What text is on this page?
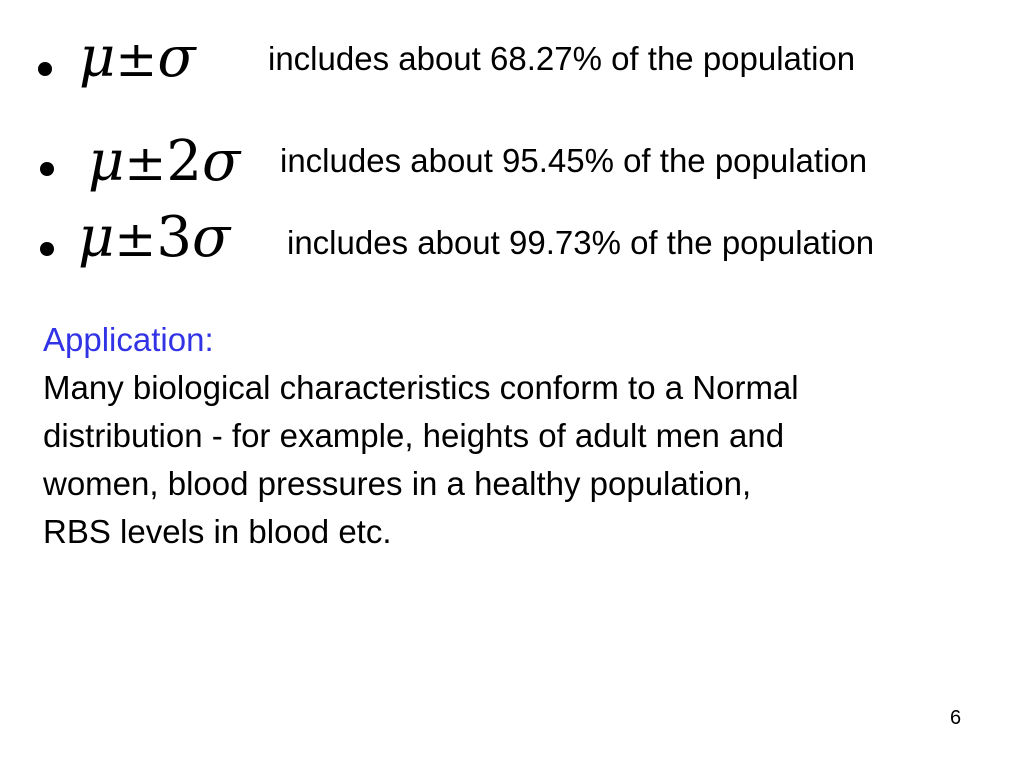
μ±σ includes about 68.27% of the population
μ±2σ includes about 95.45% of the population
μ±3σ includes about 99.73% of the population
Application:
Many biological characteristics conform to a Normal
distribution - for example, heights of adult men and
women, blood pressures in a healthy population,
RBS levels in blood etc.
6
